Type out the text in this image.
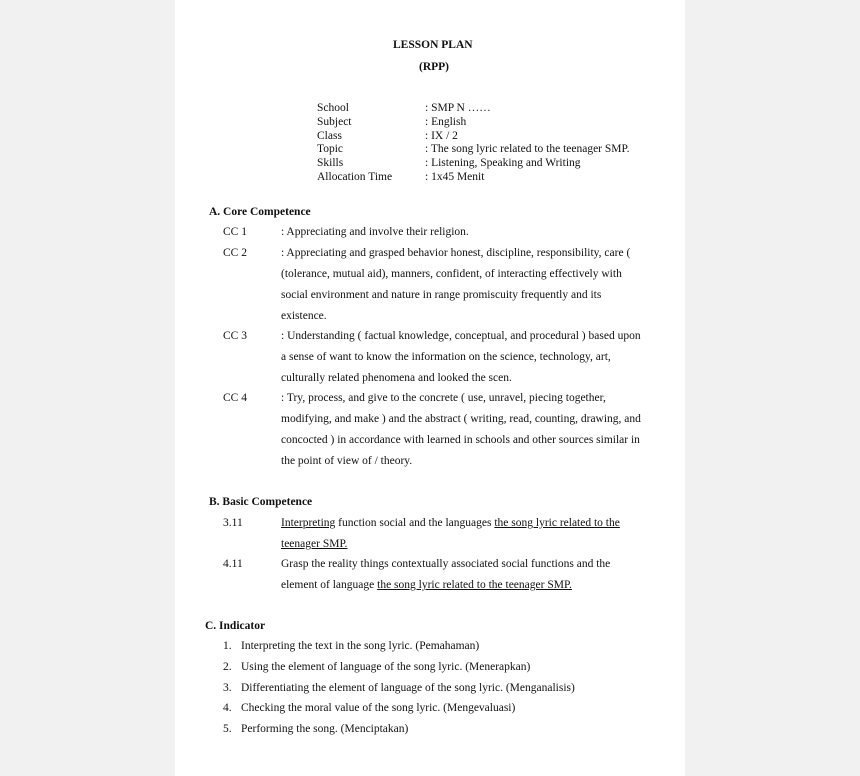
LESSON PLAN
(RPP)
School	: SMP N ……
Subject	: English
Class	: IX / 2
Topic	: The song lyric related to the teenager SMP.
Skills	: Listening, Speaking and Writing
Allocation Time	: 1x45 Menit
A. Core Competence
CC 1	: Appreciating and involve their religion.
CC 2	: Appreciating and grasped behavior honest, discipline, responsibility, care (
(tolerance, mutual aid), manners, confident, of interacting effectively with
social environment and nature in range promiscuity frequently and its
existence.
CC 3	: Understanding ( factual knowledge, conceptual, and procedural ) based upon
a sense of want to know the information on the science, technology, art,
culturally related phenomena and looked the scen.
CC 4	: Try, process, and give to the concrete ( use, unravel, piecing together,
modifying, and make ) and the abstract ( writing, read, counting, drawing, and
concocted ) in accordance with learned in schools and other sources similar in
the point of view of / theory.
B. Basic Competence
3.11	Interpreting function social and the languages the song lyric related to the
teenager SMP.
4.11	Grasp the reality things contextually associated social functions and the
element of language the song lyric related to the teenager SMP.
C. Indicator
1. Interpreting the text in the song lyric. (Pemahaman)
2. Using the element of language of the song lyric. (Menerapkan)
3. Differentiating the element of language of the song lyric. (Menganalisis)
4. Checking the moral value of the song lyric. (Mengevaluasi)
5. Performing the song. (Menciptakan)
